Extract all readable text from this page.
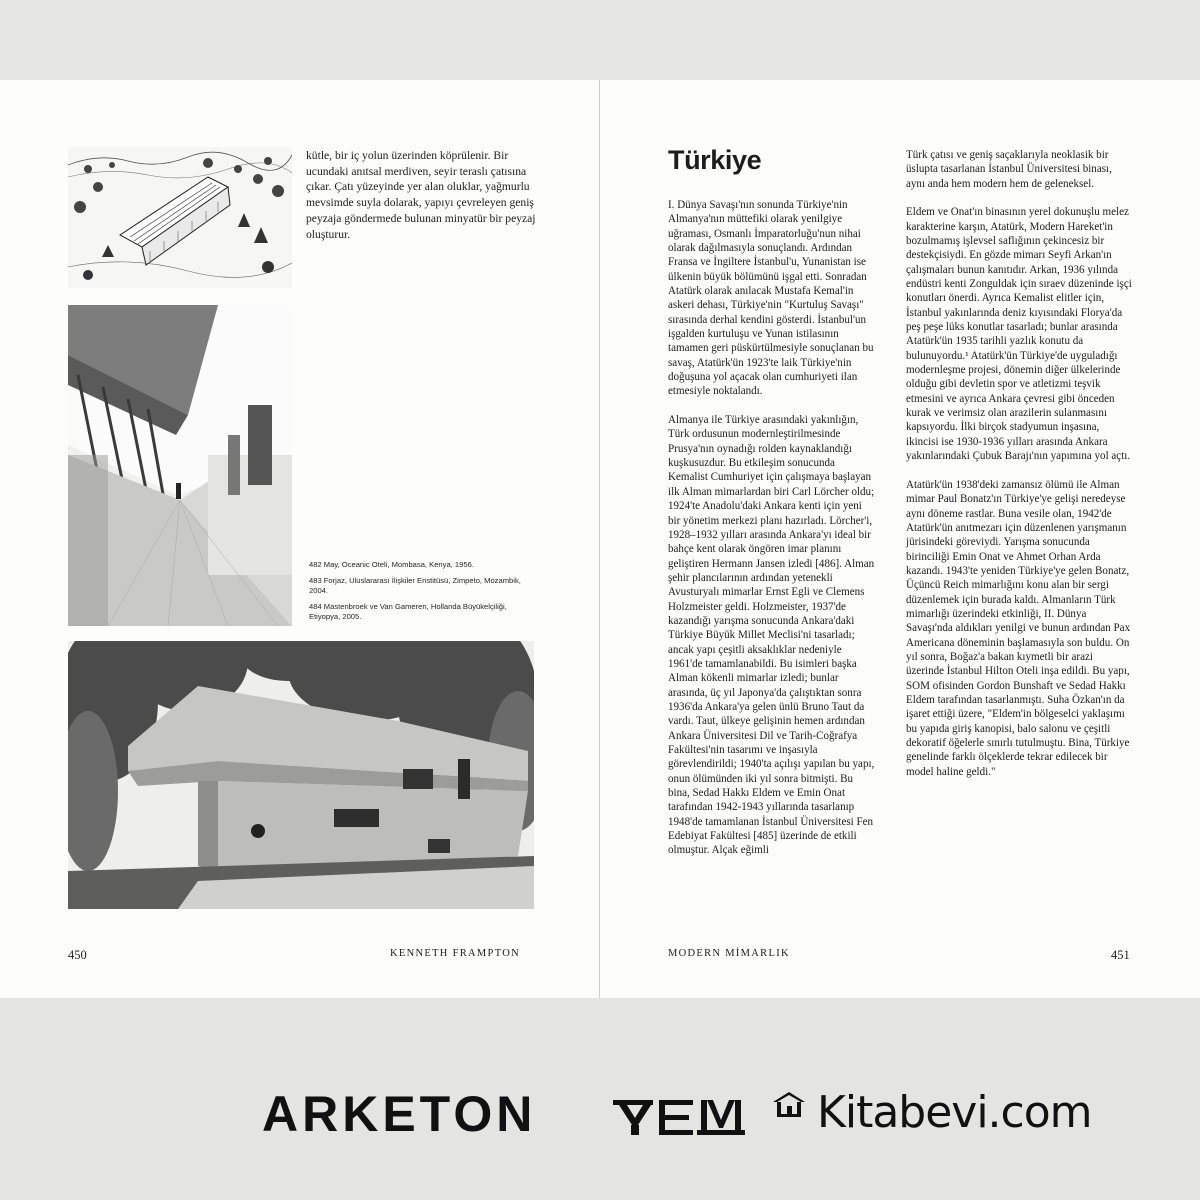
kütle, bir iç yolun üzerinden köprülenir. Bir ucundaki anıtsal merdiven, seyir teraslı çatısına çıkar. Çatı yüzeyinde yer alan oluklar, yağmurlu mevsimde suyla dolarak, yapıyı çevreleyen geniş peyzaja göndermede bulunan minyatür bir peyzaj oluşturur.

482 May, Oceanic Oteli, Mombasa, Kenya, 1956.

483 Forjaz, Uluslararası İlişkiler Enstitüsü, Zimpeto, Mozambik, 2004.

484 Mastenbroek ve Van Gameren, Hollanda Büyükelçiliği, Etiyopya, 2005.

450	KENNETH FRAMPTON
Türkiye

I. Dünya Savaşı'nın sonunda Türkiye'nin Almanya'nın müttefiki olarak yenilgiye uğraması, Osmanlı İmparatorluğu'nun nihai olarak dağılmasıyla sonuçlandı. Ardından Fransa ve İngiltere İstanbul'u, Yunanistan ise ülkenin büyük bölümünü işgal etti. Sonradan Atatürk olarak anılacak Mustafa Kemal'in askeri dehası, Türkiye'nin "Kurtuluş Savaşı" sırasında derhal kendini gösterdi. İstanbul'un işgalden kurtuluşu ve Yunan istilasının tamamen geri püskürtülmesiyle sonuçlanan bu savaş, Atatürk'ün 1923'te laik Türkiye'nin doğuşuna yol açacak olan cumhuriyeti ilan etmesiyle noktalandı.

Almanya ile Türkiye arasındaki yakınlığın, Türk ordusunun modernleştirilmesinde Prusya'nın oynadığı rolden kaynaklandığı kuşkusuzdur. Bu etkileşim sonucunda Kemalist Cumhuriyet için çalışmaya başlayan ilk Alman mimarlardan biri Carl Lörcher oldu; 1924'te Anadolu'daki Ankara kenti için yeni bir yönetim merkezi planı hazırladı. Lörcher'i, 1928–1932 yılları arasında Ankara'yı ideal bir bahçe kent olarak öngören imar planını geliştiren Hermann Jansen izledi [486]. Alman şehir plancılarının ardından yetenekli Avusturyalı mimarlar Ernst Egli ve Clemens Holzmeister geldi. Holzmeister, 1937'de kazandığı yarışma sonucunda Ankara'daki Türkiye Büyük Millet Meclisi'ni tasarladı; ancak yapı çeşitli aksaklıklar nedeniyle 1961'de tamamlanabildi. Bu isimleri başka Alman kökenli mimarlar izledi; bunlar arasında, üç yıl Japonya'da çalıştıktan sonra 1936'da Ankara'ya gelen ünlü Bruno Taut da vardı. Taut, ülkeye gelişinin hemen ardından Ankara Üniversitesi Dil ve Tarih-Coğrafya Fakültesi'nin tasarımı ve inşasıyla görevlendirildi; 1940'ta açılışı yapılan bu yapı, onun ölümünden iki yıl sonra bitmişti. Bu bina, Sedad Hakkı Eldem ve Emin Onat tarafından 1942-1943 yıllarında tasarlanıp 1948'de tamamlanan İstanbul Üniversitesi Fen Edebiyat Fakültesi [485] üzerinde de etkili olmuştur. Alçak eğimli

Türk çatısı ve geniş saçaklarıyla neoklasik bir üslupta tasarlanan İstanbul Üniversitesi binası, aynı anda hem modern hem de geleneksel.

Eldem ve Onat'ın binasının yerel dokunuşlu melez karakterine karşın, Atatürk, Modern Hareket'in bozulmamış işlevsel saflığının çekincesiz bir destekçisiydi. En gözde mimarı Seyfi Arkan'ın çalışmaları bunun kanıtıdır. Arkan, 1936 yılında endüstri kenti Zonguldak için sıraev düzeninde işçi konutları önerdi. Ayrıca Kemalist elitler için, İstanbul yakınlarında deniz kıyısındaki Florya'da peş peşe lüks konutlar tasarladı; bunlar arasında Atatürk'ün 1935 tarihli yazlık konutu da bulunuyordu.¹ Atatürk'ün Türkiye'de uyguladığı modernleşme projesi, dönemin diğer ülkelerinde olduğu gibi devletin spor ve atletizmi teşvik etmesini ve ayrıca Ankara çevresi gibi önceden kurak ve verimsiz olan arazilerin sulanmasını kapsıyordu. İlki birçok stadyumun inşasına, ikincisi ise 1930-1936 yılları arasında Ankara yakınlarındaki Çubuk Barajı'nın yapımına yol açtı.

Atatürk'ün 1938'deki zamansız ölümü ile Alman mimar Paul Bonatz'ın Türkiye'ye gelişi neredeyse aynı döneme rastlar. Buna vesile olan, 1942'de Atatürk'ün anıtmezarı için düzenlenen yarışmanın jürisindeki göreviydi. Yarışma sonucunda birinciliği Emin Onat ve Ahmet Orhan Arda kazandı. 1943'te yeniden Türkiye'ye gelen Bonatz, Üçüncü Reich mimarlığını konu alan bir sergi düzenlemek için burada kaldı. Almanların Türk mimarlığı üzerindeki etkinliği, II. Dünya Savaşı'nda aldıkları yenilgi ve bunun ardından Pax Americana döneminin başlamasıyla son buldu. On yıl sonra, Boğaz'a bakan kıymetli bir arazi üzerinde İstanbul Hilton Oteli inşa edildi. Bu yapı, SOM ofisinden Gordon Bunshaft ve Sedad Hakkı Eldem tarafından tasarlanmıştı. Suha Özkan'ın da işaret ettiği üzere, "Eldem'in bölgeselci yaklaşımı bu yapıda giriş kanopisi, balo salonu ve çeşitli dekoratif öğelerle sınırlı tutulmuştu. Bina, Türkiye genelinde farklı ölçeklerde tekrar edilecek bir model haline geldi."

MODERN MİMARLIK	451
ARKETON	Kitabevi.com
